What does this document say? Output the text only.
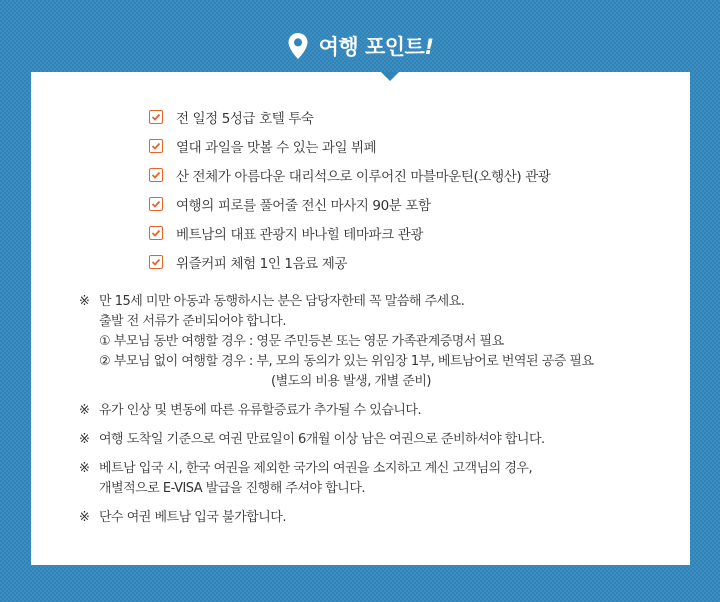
여행 포인트!
전 일정 5성급 호텔 투숙
열대 과일을 맛볼 수 있는 과일 뷔페
산 전체가 아름다운 대리석으로 이루어진 마블마운틴(오행산) 관광
여행의 피로를 풀어줄 전신 마사지 90분 포함
베트남의 대표 관광지 바나힐 테마파크 관광
위즐커피 체험 1인 1음료 제공
※ 만 15세 미만 아동과 동행하시는 분은 담당자한테 꼭 말씀해 주세요.
출발 전 서류가 준비되어야 합니다.
① 부모님 동반 여행할 경우 : 영문 주민등본 또는 영문 가족관계증명서 필요
② 부모님 없이 여행할 경우 : 부, 모의 동의가 있는 위임장 1부, 베트남어로 번역된 공증 필요
(별도의 비용 발생, 개별 준비)
※ 유가 인상 및 변동에 따른 유류할증료가 추가될 수 있습니다.
※ 여행 도착일 기준으로 여권 만료일이 6개월 이상 남은 여권으로 준비하셔야 합니다.
※ 베트남 입국 시, 한국 여권을 제외한 국가의 여권을 소지하고 계신 고객님의 경우,
개별적으로 E-VISA 발급을 진행해 주셔야 합니다.
※ 단수 여권 베트남 입국 불가합니다.
